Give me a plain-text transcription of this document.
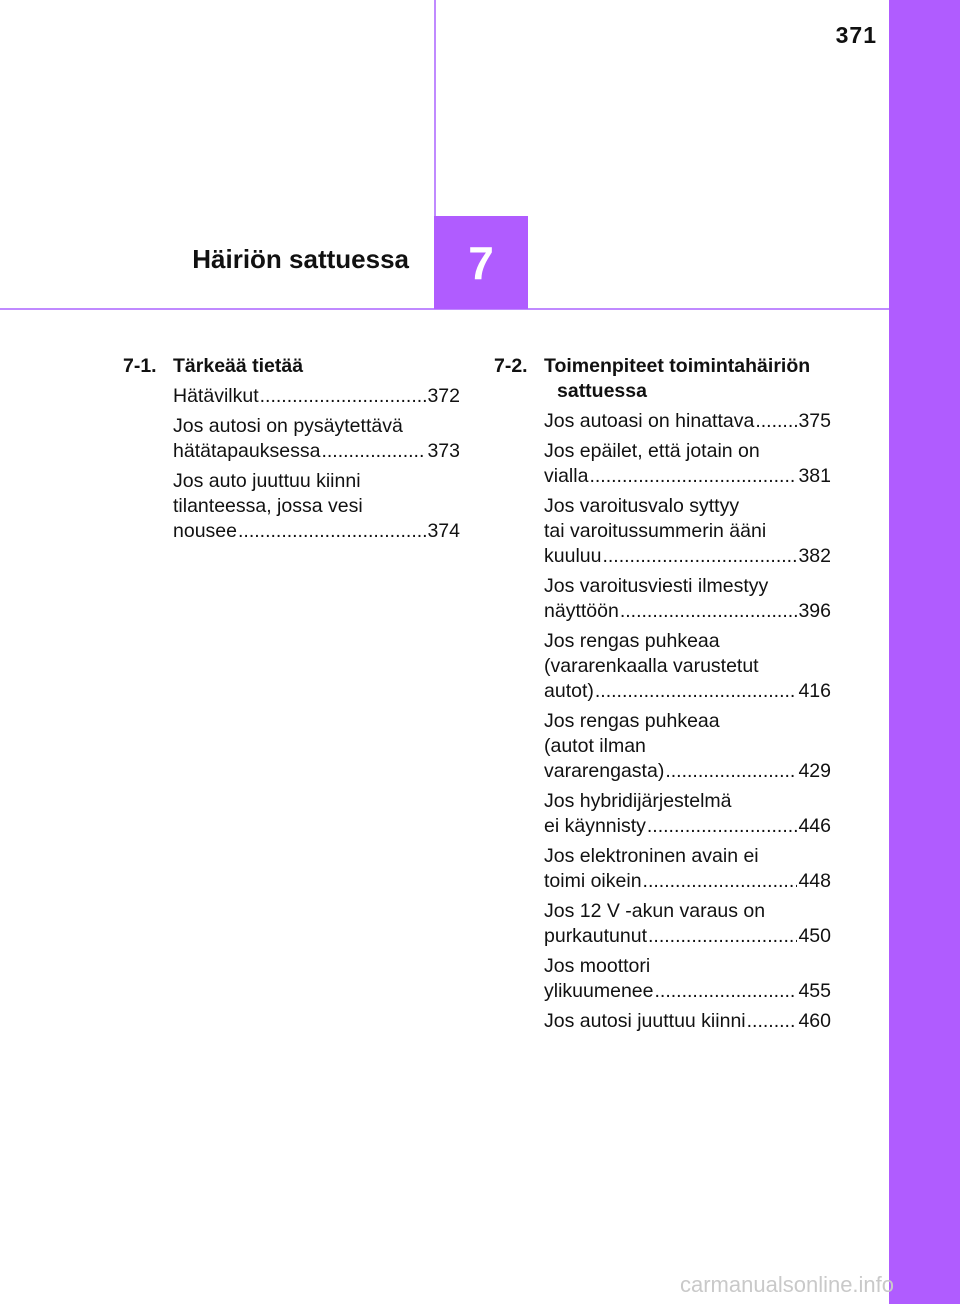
371
7
Häiriön sattuessa
7-1. Tärkeää tietää
Hätävilkut .....	372
Jos autosi on pysäytettävä
hätätapauksessa .....	373
Jos auto juuttuu kiinni
tilanteessa, jossa vesi
nousee .....	374
7-2. Toimenpiteet toimintahäiriön
sattuessa
Jos autoasi on hinattava ..... 375
Jos epäilet, että jotain on
vialla .....	381
Jos varoitusvalo syttyy
tai varoitussummerin ääni
kuuluu .....	382
Jos varoitusviesti ilmestyy
näyttöön .....	396
Jos rengas puhkeaa
(vararenkaalla varustetut
autot) .....	416
Jos rengas puhkeaa
(autot ilman
vararengasta) .....	429
Jos hybridijärjestelmä
ei käynnisty .....	446
Jos elektroninen avain ei
toimi oikein .....	448
Jos 12 V -akun varaus on
purkautunut .....	450
Jos moottori
ylikuumenee .....	455
Jos autosi juuttuu kiinni .....	460
carmanualsonline.info
